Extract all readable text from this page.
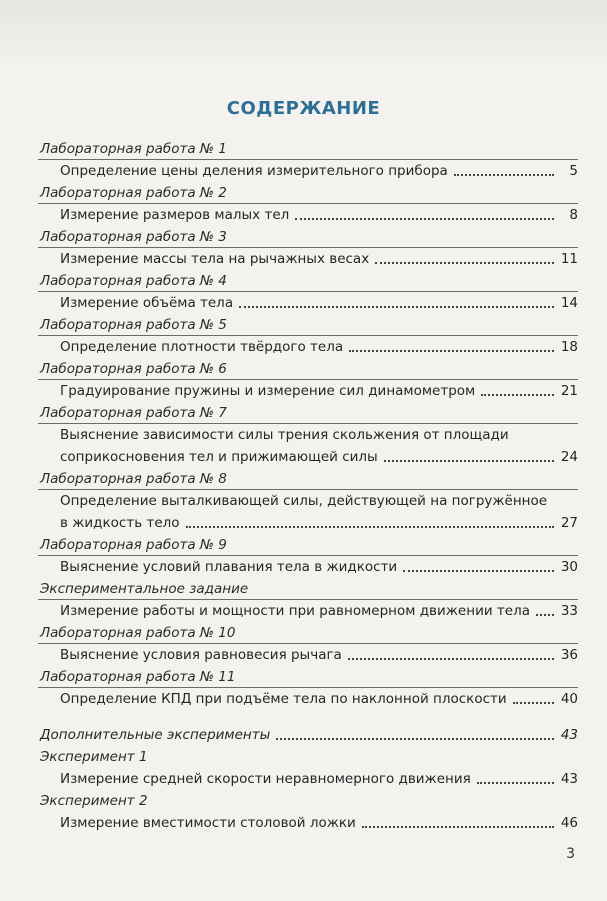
СОДЕРЖАНИЕ
Лабораторная работа № 1
Определение цены деления измерительного прибора	5
Лабораторная работа № 2
Измерение размеров малых тел	8
Лабораторная работа № 3
Измерение массы тела на рычажных весах	11
Лабораторная работа № 4
Измерение объёма тела	14
Лабораторная работа № 5
Определение плотности твёрдого тела	18
Лабораторная работа № 6
Градуирование пружины и измерение сил динамометром	21
Лабораторная работа № 7
Выяснение зависимости силы трения скольжения от площади
соприкосновения тел и прижимающей силы	24
Лабораторная работа № 8
Определение выталкивающей силы, действующей на погружённое
в жидкость тело	27
Лабораторная работа № 9
Выяснение условий плавания тела в жидкости	30
Экспериментальное задание
Измерение работы и мощности при равномерном движении тела 33
Лабораторная работа № 10
Выяснение условия равновесия рычага	36
Лабораторная работа № 11
Определение КПД при подъёме тела по наклонной плоскости	40
Дополнительные эксперименты	43
Эксперимент 1
Измерение средней скорости неравномерного движения	43
Эксперимент 2
Измерение вместимости столовой ложки	46
3
